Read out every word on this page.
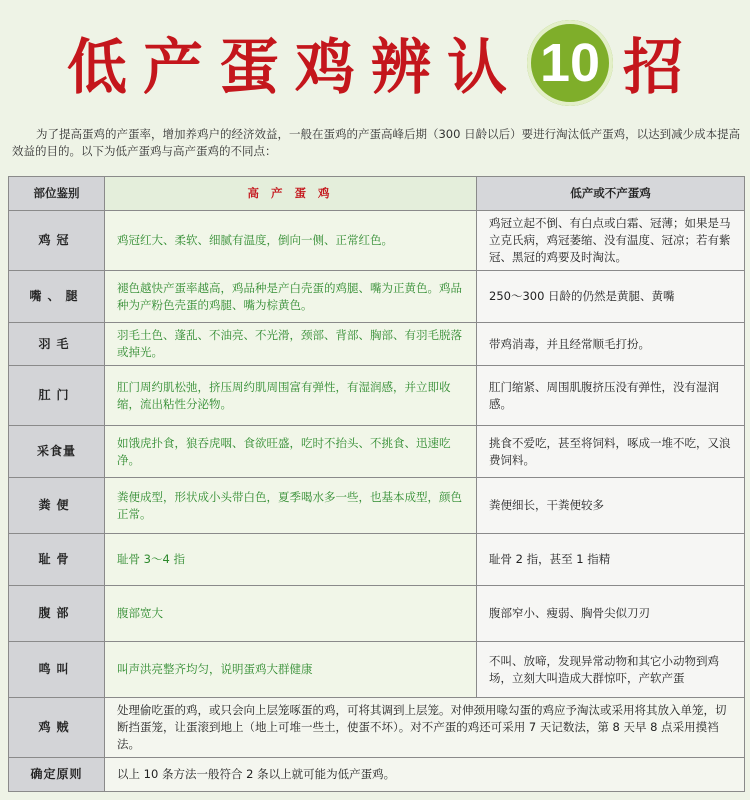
低产蛋鸡辨认 10 招

为了提高蛋鸡的产蛋率，增加养鸡户的经济效益，一般在蛋鸡的产蛋高峰后期（300 日龄以后）要进行淘汰低产蛋鸡，以达到减少成本提高效益的目的。以下为低产蛋鸡与高产蛋鸡的不同点：

部位鉴别	高 产 蛋 鸡	低产或不产蛋鸡
鸡冠	鸡冠红大、柔软、细腻有温度，倒向一侧、正常红色。	鸡冠立起不倒、有白点或白霜、冠薄；如果是马立克氏病，鸡冠萎缩、没有温度、冠凉；若有紫冠、黑冠的鸡要及时淘汰。
嘴、腿	褪色越快产蛋率越高，鸡品种是产白壳蛋的鸡腿、嘴为正黄色。鸡品种为产粉色壳蛋的鸡腿、嘴为棕黄色。	250～300 日龄的仍然是黄腿、黄嘴
羽毛	羽毛土色、蓬乱、不油亮、不光滑，颈部、背部、胸部、有羽毛脱落或掉光。	带鸡消毒，并且经常顺毛打扮。
肛门	肛门周约肌松弛，挤压周约肌周围富有弹性，有湿润感，并立即收缩，流出粘性分泌物。	肛门缩紧、周围肌腹挤压没有弹性，没有湿润感。
采食量	如饿虎扑食，狼吞虎咽、食欲旺盛，吃时不抬头、不挑食、迅速吃净。	挑食不爱吃，甚至将饲料，啄成一堆不吃，又浪费饲料。
粪便	粪便成型，形状成小头带白色，夏季喝水多一些，也基本成型，颜色正常。	粪便细长，干粪便较多
耻骨	耻骨 3～4 指	耻骨 2 指，甚至 1 指精
腹部	腹部宽大	腹部窄小、瘦弱、胸骨尖似刀刃
鸣叫	叫声洪亮整齐均匀，说明蛋鸡大群健康	不叫、放啼，发现异常动物和其它小动物到鸡场，立刻大叫造成大群惊吓，产软产蛋
鸡贼	处理偷吃蛋的鸡，或只会向上层笼啄蛋的鸡，可将其调到上层笼。对伸颈用喙勾蛋的鸡应予淘汰或采用将其放入单笼，切断挡蛋笼，让蛋滚到地上（地上可堆一些土，使蛋不坏）。对不产蛋的鸡还可采用 7 天记数法，第 8 天早 8 点采用摸裆法。	
确定原则	以上 10 条方法一般符合 2 条以上就可能为低产蛋鸡。	
